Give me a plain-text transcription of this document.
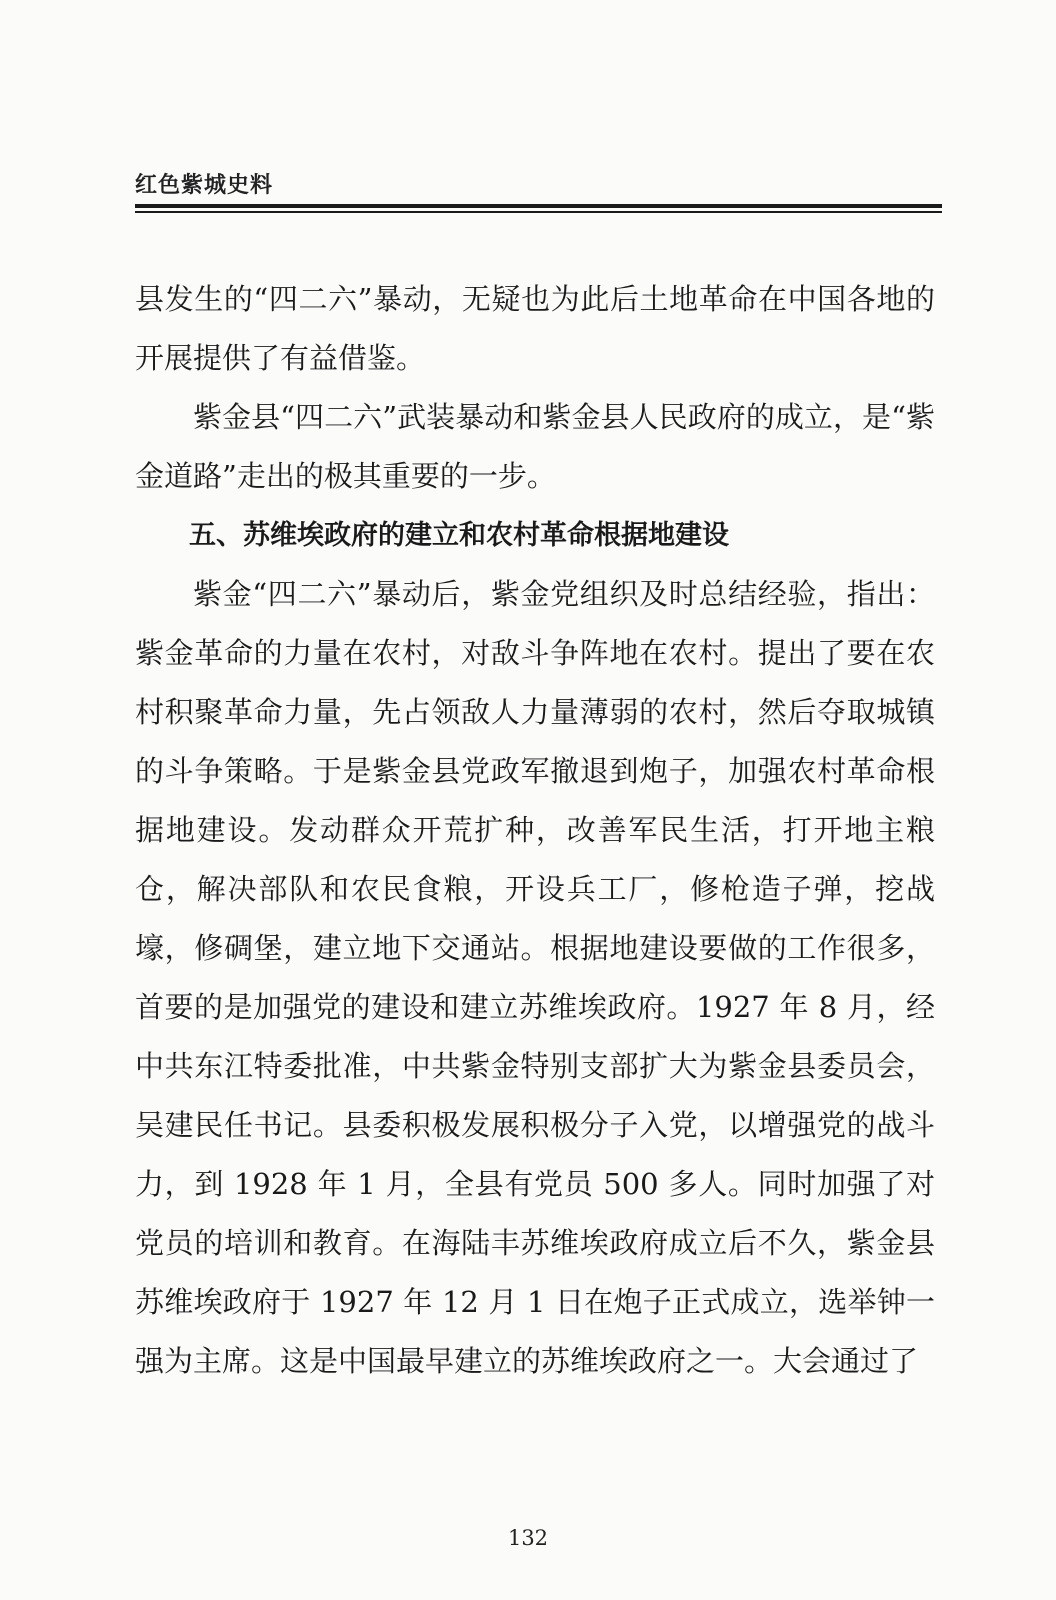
红色紫城史料

县发生的“四二六”暴动，无疑也为此后土地革命在中国各地的开展提供了有益借鉴。

紫金县“四二六”武装暴动和紫金县人民政府的成立，是“紫金道路”走出的极其重要的一步。

五、苏维埃政府的建立和农村革命根据地建设

紫金“四二六”暴动后，紫金党组织及时总结经验，指出：紫金革命的力量在农村，对敌斗争阵地在农村。提出了要在农村积聚革命力量，先占领敌人力量薄弱的农村，然后夺取城镇的斗争策略。于是紫金县党政军撤退到炮子，加强农村革命根据地建设。发动群众开荒扩种，改善军民生活，打开地主粮仓，解决部队和农民食粮，开设兵工厂，修枪造子弹，挖战壕，修碉堡，建立地下交通站。根据地建设要做的工作很多，首要的是加强党的建设和建立苏维埃政府。1927 年 8 月，经中共东江特委批准，中共紫金特别支部扩大为紫金县委员会，吴建民任书记。县委积极发展积极分子入党，以增强党的战斗力，到 1928 年 1 月，全县有党员 500 多人。同时加强了对党员的培训和教育。在海陆丰苏维埃政府成立后不久，紫金县苏维埃政府于 1927 年 12 月 1 日在炮子正式成立，选举钟一强为主席。这是中国最早建立的苏维埃政府之一。大会通过了

132
